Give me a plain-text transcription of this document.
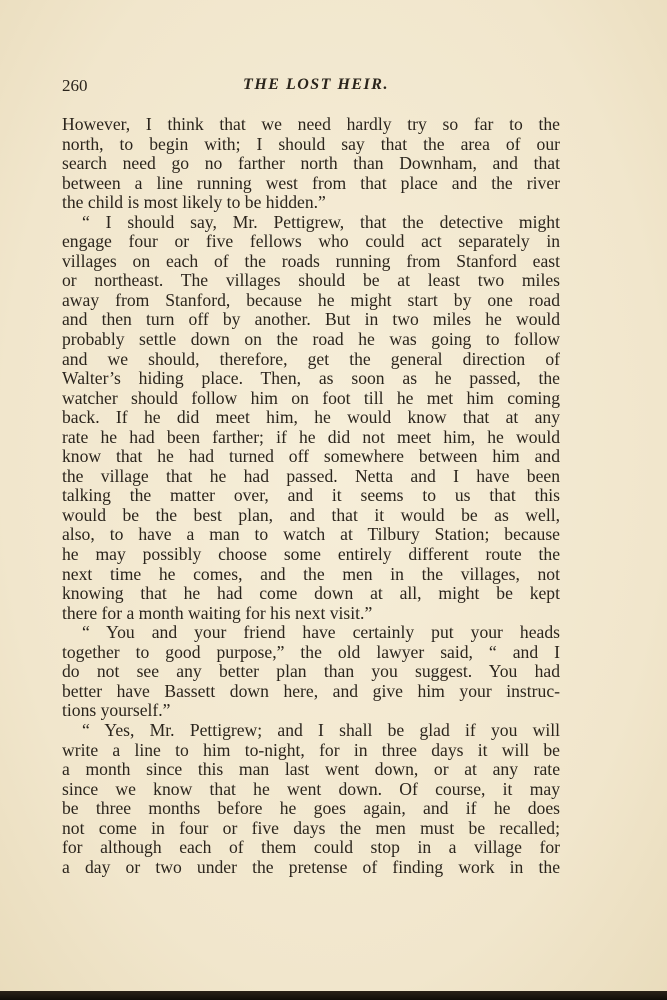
260	THE LOST HEIR.
However, I think that we need hardly try so far to the
north, to begin with; I should say that the area of our
search need go no farther north than Downham, and that
between a line running west from that place and the river
the child is most likely to be hidden.”
“ I should say, Mr. Pettigrew, that the detective might
engage four or five fellows who could act separately in
villages on each of the roads running from Stanford east
or northeast. The villages should be at least two miles
away from Stanford, because he might start by one road
and then turn off by another. But in two miles he would
probably settle down on the road he was going to follow
and we should, therefore, get the general direction of
Walter’s hiding place. Then, as soon as he passed, the
watcher should follow him on foot till he met him coming
back. If he did meet him, he would know that at any
rate he had been farther; if he did not meet him, he would
know that he had turned off somewhere between him and
the village that he had passed. Netta and I have been
talking the matter over, and it seems to us that this
would be the best plan, and that it would be as well,
also, to have a man to watch at Tilbury Station; because
he may possibly choose some entirely different route the
next time he comes, and the men in the villages, not
knowing that he had come down at all, might be kept
there for a month waiting for his next visit.”
“ You and your friend have certainly put your heads
together to good purpose,” the old lawyer said, “ and I
do not see any better plan than you suggest. You had
better have Bassett down here, and give him your instruc-
tions yourself.”
“ Yes, Mr. Pettigrew; and I shall be glad if you will
write a line to him to-night, for in three days it will be
a month since this man last went down, or at any rate
since we know that he went down. Of course, it may
be three months before he goes again, and if he does
not come in four or five days the men must be recalled;
for although each of them could stop in a village for
a day or two under the pretense of finding work in the
